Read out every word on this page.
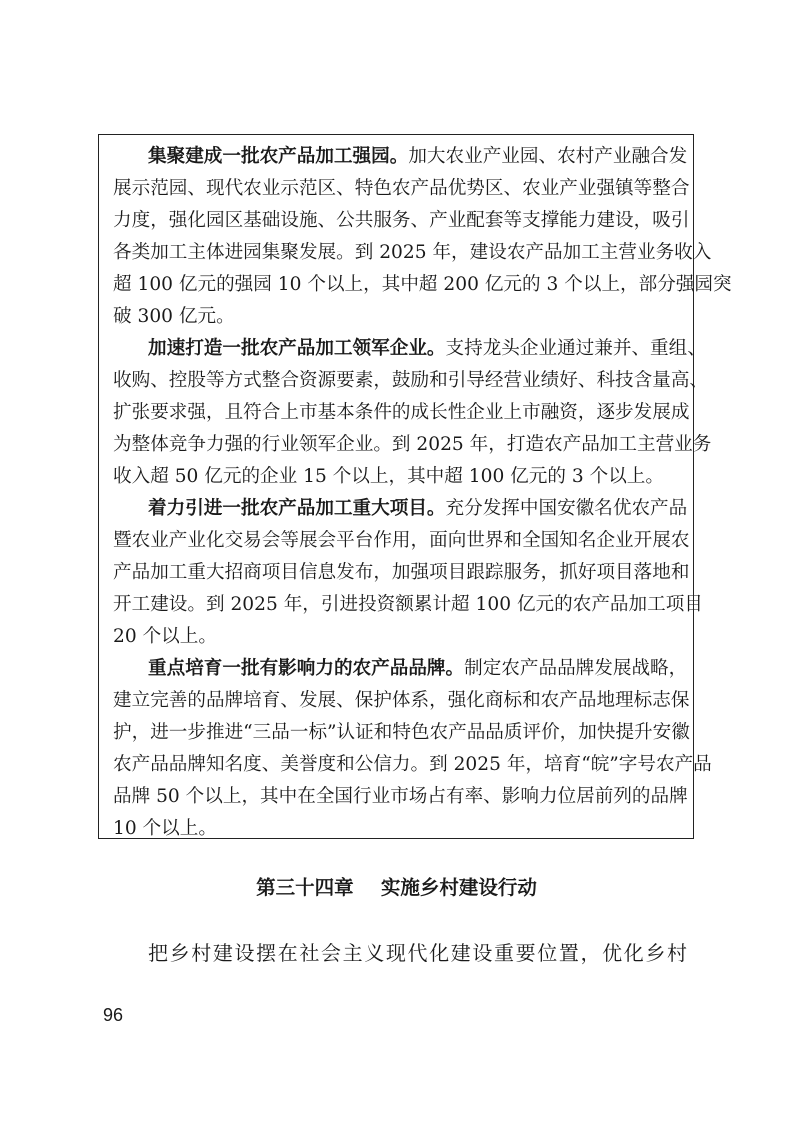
集聚建成一批农产品加工强园。加大农业产业园、农村产业融合发
展示范园、现代农业示范区、特色农产品优势区、农业产业强镇等整合
力度，强化园区基础设施、公共服务、产业配套等支撑能力建设，吸引
各类加工主体进园集聚发展。到 2025 年，建设农产品加工主营业务收入
超 100 亿元的强园 10 个以上，其中超 200 亿元的 3 个以上，部分强园突
破 300 亿元。
加速打造一批农产品加工领军企业。支持龙头企业通过兼并、重组、
收购、控股等方式整合资源要素，鼓励和引导经营业绩好、科技含量高、
扩张要求强，且符合上市基本条件的成长性企业上市融资，逐步发展成
为整体竞争力强的行业领军企业。到 2025 年，打造农产品加工主营业务
收入超 50 亿元的企业 15 个以上，其中超 100 亿元的 3 个以上。
着力引进一批农产品加工重大项目。充分发挥中国安徽名优农产品
暨农业产业化交易会等展会平台作用，面向世界和全国知名企业开展农
产品加工重大招商项目信息发布，加强项目跟踪服务，抓好项目落地和
开工建设。到 2025 年，引进投资额累计超 100 亿元的农产品加工项目
20 个以上。
重点培育一批有影响力的农产品品牌。制定农产品品牌发展战略，
建立完善的品牌培育、发展、保护体系，强化商标和农产品地理标志保
护，进一步推进“三品一标”认证和特色农产品品质评价，加快提升安徽
农产品品牌知名度、美誉度和公信力。到 2025 年，培育“皖”字号农产品
品牌 50 个以上，其中在全国行业市场占有率、影响力位居前列的品牌
10 个以上。
第三十四章 实施乡村建设行动
把乡村建设摆在社会主义现代化建设重要位置，优化乡村
96
